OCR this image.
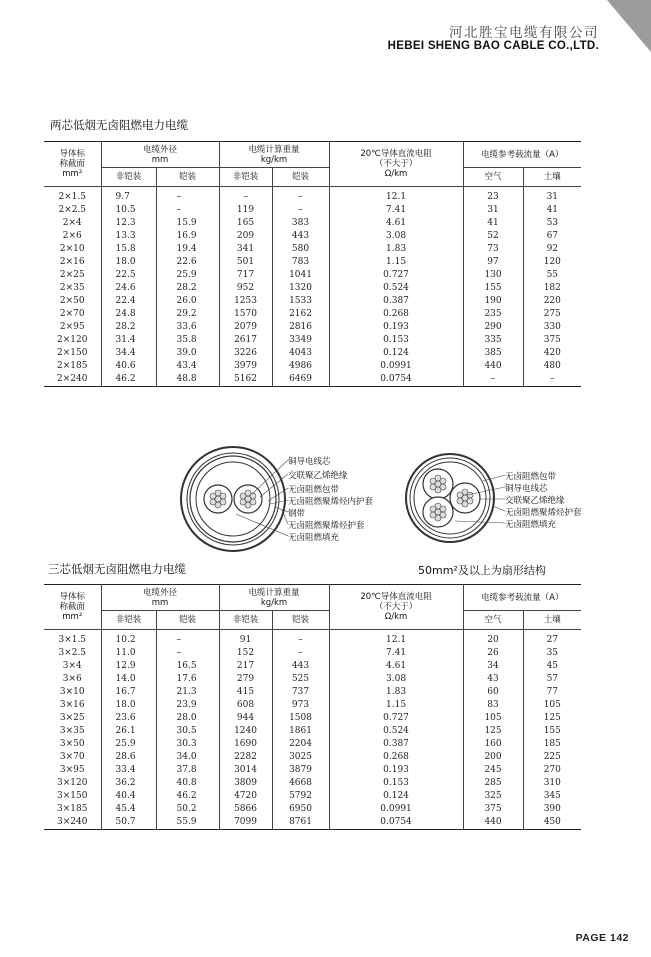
河北胜宝电缆有限公司
HEBEI SHENG BAO CABLE CO.,LTD.
两芯低烟无卤阻燃电力电缆
导体标
称截面
mm²	电缆外径
mm		电缆计算重量
kg/km		20℃导体直流电阻
（不大于）
Ω/km	电缆参考载流量（A）	
	非铠装	铠装	非铠装	铠装		空气	土壤

2×1.5	9.7	–	–	–	12.1	23	31
2×2.5	10.5	–	119	–	7.41	31	41
2×4	12.3	15.9	165	383	4.61	41	53
2×6	13.3	16.9	209	443	3.08	52	67
2×10	15.8	19.4	341	580	1.83	73	92
2×16	18.0	22.6	501	783	1.15	97	120
2×25	22.5	25.9	717	1041	0.727	130	55
2×35	24.6	28.2	952	1320	0.524	155	182
2×50	22.4	26.0	1253	1533	0.387	190	220
2×70	24.8	29.2	1570	2162	0.268	235	275
2×95	28.2	33.6	2079	2816	0.193	290	330
2×120	31.4	35.8	2617	3349	0.153	335	375
2×150	34.4	39.0	3226	4043	0.124	385	420
2×185	40.6	43.4	3979	4986	0.0991	440	480
2×240	46.2	48.8	5162	6469	0.0754	–	–
铜导电线芯
交联聚乙烯绝缘
无卤阻燃包带
无卤阻燃聚烯烃内护套
钢带
无卤阻燃聚烯烃护套
无卤阻燃填充
无卤阻燃包带
铜导电线芯
交联聚乙烯绝缘
无卤阻燃聚烯烃护套
无卤阻燃填充
三芯低烟无卤阻燃电力电缆	50mm²及以上为扇形结构
导体标
称截面
mm²	电缆外径
mm		电缆计算重量
kg/km		20℃导体直流电阻
（不大于）
Ω/km	电缆参考载流量（A）	
	非铠装	铠装	非铠装	铠装		空气	土壤

3×1.5	10.2	–	91	–	12.1	20	27
3×2.5	11.0	–	152	–	7.41	26	35
3×4	12.9	16.5	217	443	4.61	34	45
3×6	14.0	17.6	279	525	3.08	43	57
3×10	16.7	21.3	415	737	1.83	60	77
3×16	18.0	23.9	608	973	1.15	83	105
3×25	23.6	28.0	944	1508	0.727	105	125
3×35	26.1	30.5	1240	1861	0.524	125	155
3×50	25.9	30.3	1690	2204	0.387	160	185
3×70	28.6	34.0	2282	3025	0.268	200	225
3×95	33.4	37.8	3014	3879	0.193	245	270
3×120	36.2	40.8	3809	4668	0.153	285	310
3×150	40.4	46.2	4720	5792	0.124	325	345
3×185	45.4	50.2	5866	6950	0.0991	375	390
3×240	50.7	55.9	7099	8761	0.0754	440	450
PAGE 142
